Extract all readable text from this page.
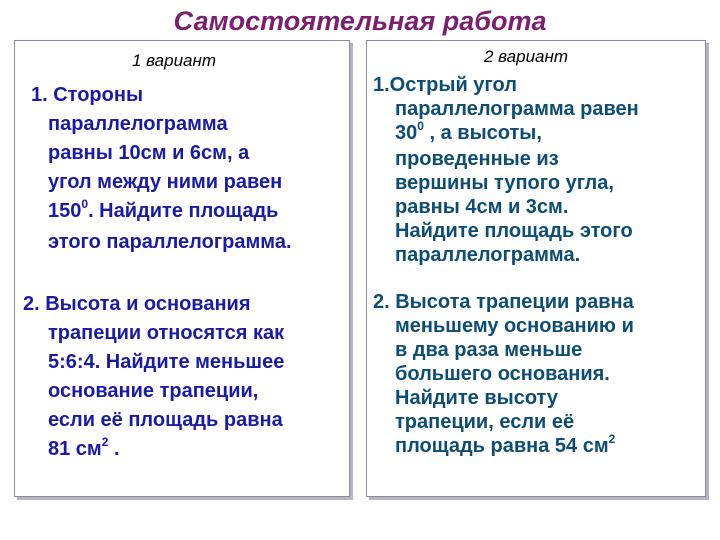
Самостоятельная работа
1 вариант
1. Стороны
параллелограмма
равны 10см и 6см, а
угол между ними равен
$150^0$. Найдите площадь
этого параллелограмма.
2. Высота и основания
трапеции относятся как
5:6:4. Найдите меньшее
основание трапеции,
если её площадь равна
81 $см^2$ .
2 вариант
1.Острый угол
параллелограмма равен
$30^0$ , а высоты,
проведенные из
вершины тупого угла,
равны 4см и 3см.
Найдите площадь этого
параллелограмма.
2. Высота трапеции равна
меньшему основанию и
в два раза меньше
большего основания.
Найдите высоту
трапеции, если её
площадь равна 54 $см^2$
